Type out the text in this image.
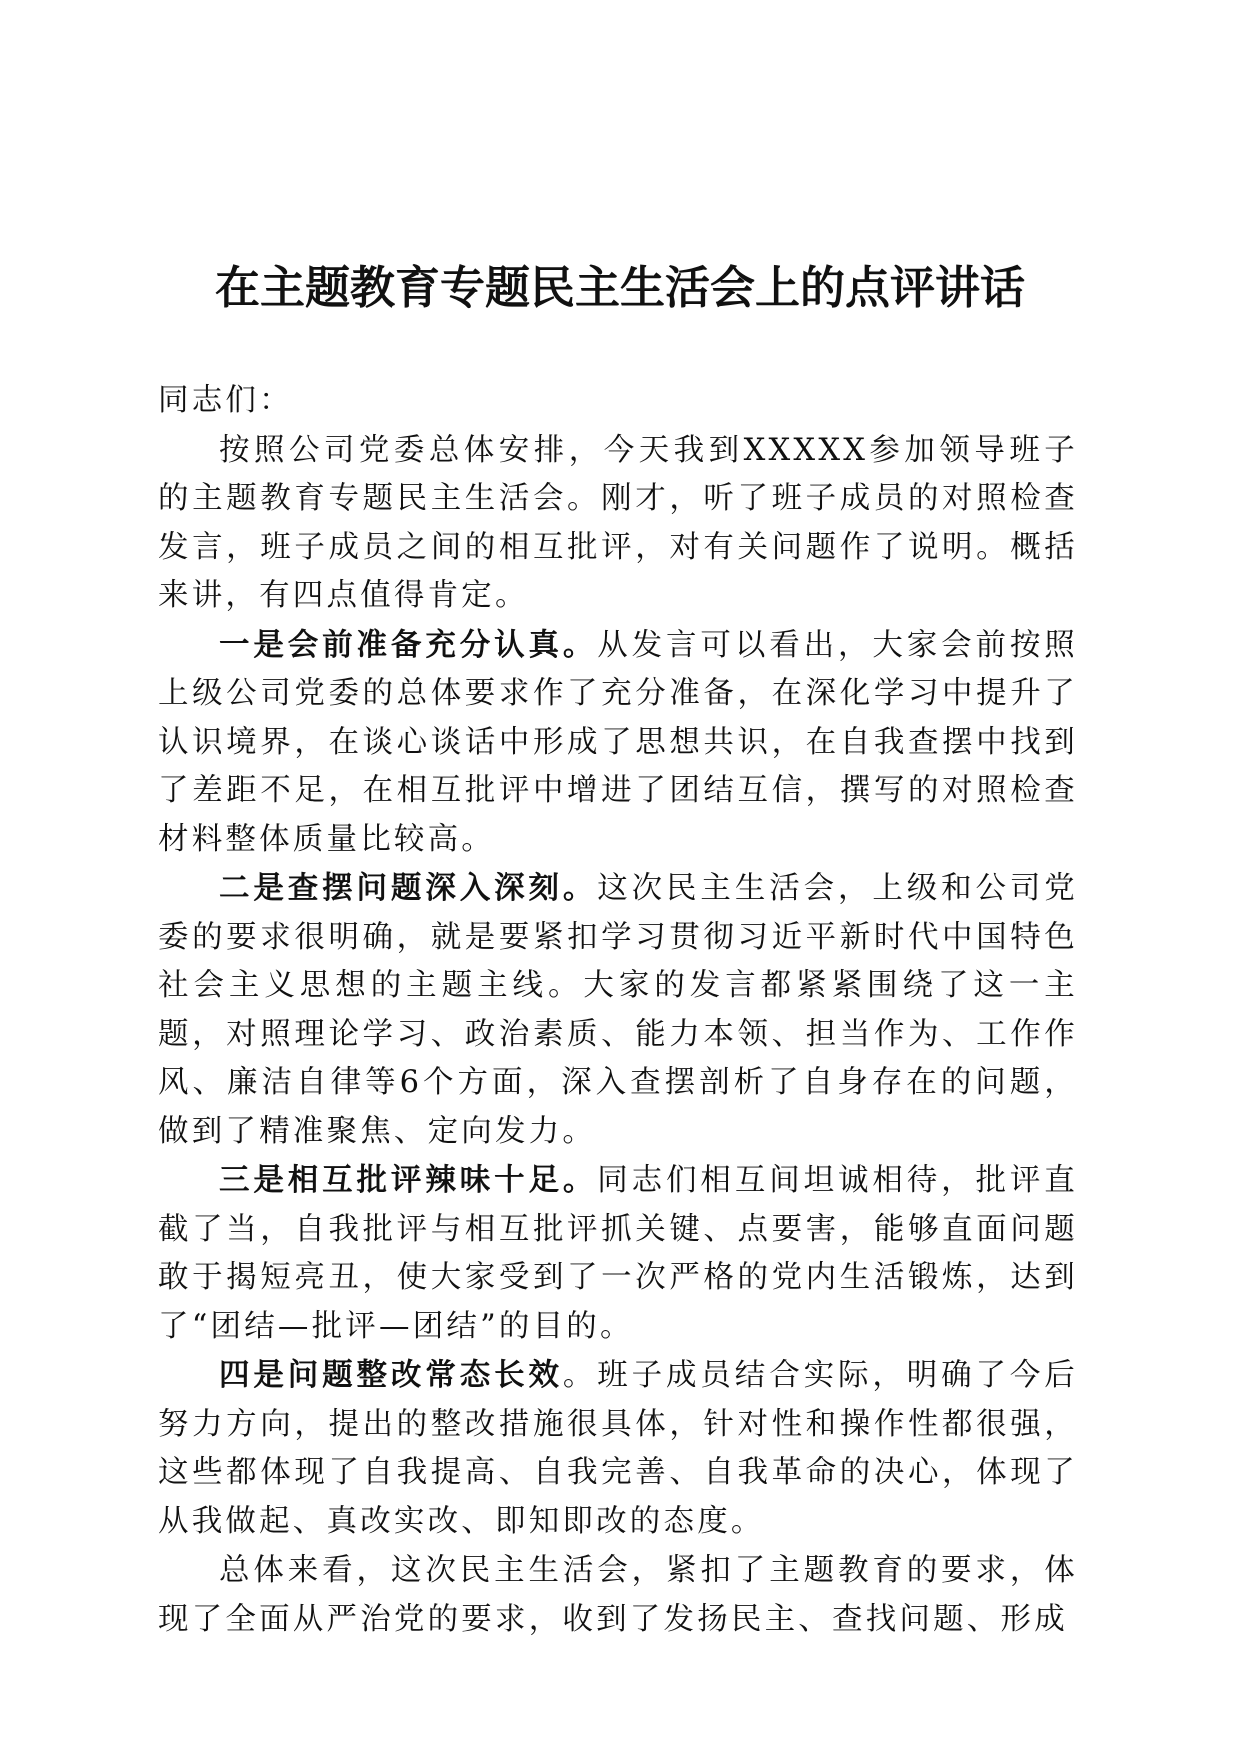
在主题教育专题民主生活会上的点评讲话

同志们：

按照公司党委总体安排，今天我到XXXXX参加领导班子的主题教育专题民主生活会。刚才，听了班子成员的对照检查发言，班子成员之间的相互批评，对有关问题作了说明。概括来讲，有四点值得肯定。

一是会前准备充分认真。从发言可以看出，大家会前按照上级公司党委的总体要求作了充分准备，在深化学习中提升了认识境界，在谈心谈话中形成了思想共识，在自我查摆中找到了差距不足，在相互批评中增进了团结互信，撰写的对照检查材料整体质量比较高。

二是查摆问题深入深刻。这次民主生活会，上级和公司党委的要求很明确，就是要紧扣学习贯彻习近平新时代中国特色社会主义思想的主题主线。大家的发言都紧紧围绕了这一主题，对照理论学习、政治素质、能力本领、担当作为、工作作风、廉洁自律等6个方面，深入查摆剖析了自身存在的问题，做到了精准聚焦、定向发力。

三是相互批评辣味十足。同志们相互间坦诚相待，批评直截了当，自我批评与相互批评抓关键、点要害，能够直面问题敢于揭短亮丑，使大家受到了一次严格的党内生活锻炼，达到了“团结—批评—团结”的目的。

四是问题整改常态长效。班子成员结合实际，明确了今后努力方向，提出的整改措施很具体，针对性和操作性都很强，这些都体现了自我提高、自我完善、自我革命的决心，体现了从我做起、真改实改、即知即改的态度。

总体来看，这次民主生活会，紧扣了主题教育的要求，体现了全面从严治党的要求，收到了发扬民主、查找问题、形成
